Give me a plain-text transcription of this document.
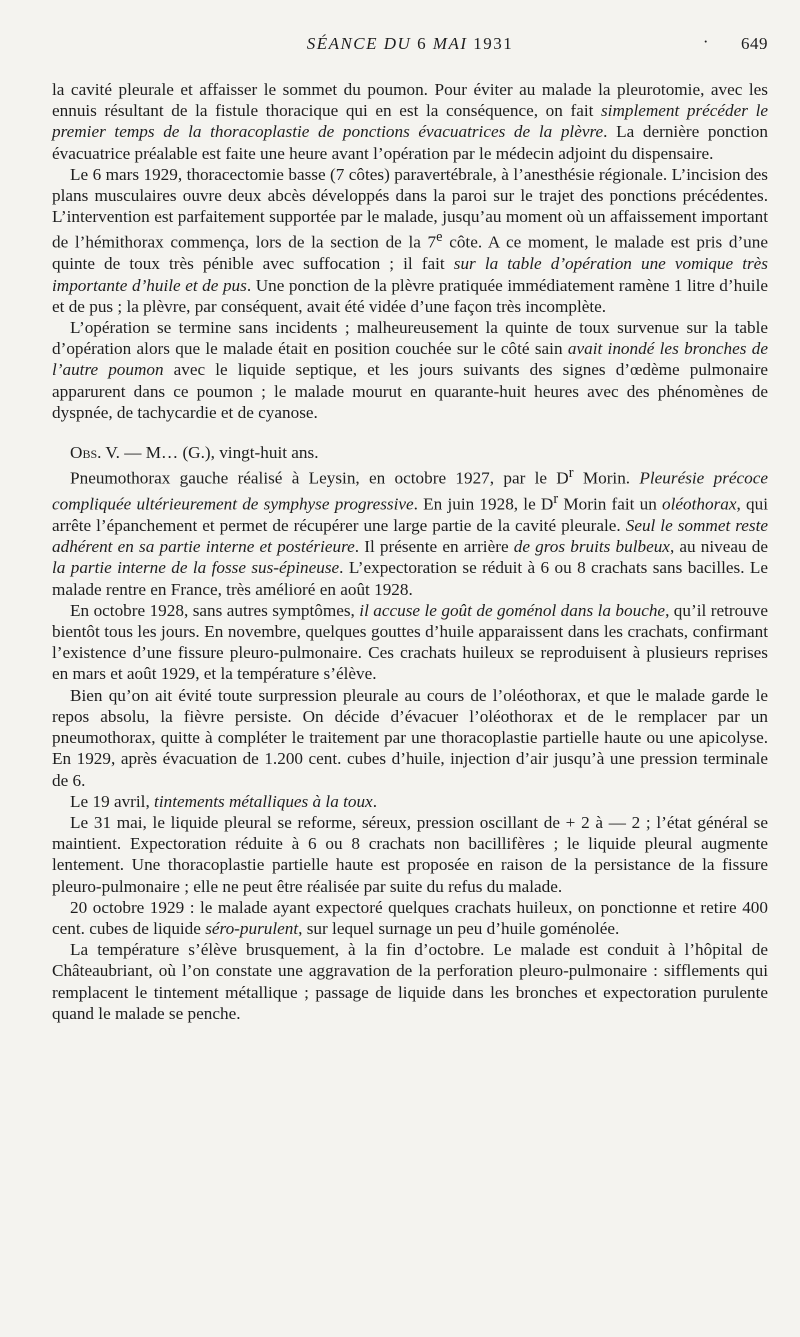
SÉANCE DU 6 MAI 1931	· 649

la cavité pleurale et affaisser le sommet du poumon. Pour éviter au malade la pleurotomie, avec les ennuis résultant de la fistule thoracique qui en est la conséquence, on fait simplement précéder le premier temps de la thoracoplastie de ponctions évacuatrices de la plèvre. La dernière ponction évacuatrice préalable est faite une heure avant l’opération par le médecin adjoint du dispensaire.

Le 6 mars 1929, thoracectomie basse (7 côtes) paravertébrale, à l’anesthésie régionale. L’incision des plans musculaires ouvre deux abcès développés dans la paroi sur le trajet des ponctions précédentes. L’intervention est parfaitement supportée par le malade, jusqu’au moment où un affaissement important de l’hémithorax commença, lors de la section de la 7e côte. A ce moment, le malade est pris d’une quinte de toux très pénible avec suffocation ; il fait sur la table d’opération une vomique très importante d’huile et de pus. Une ponction de la plèvre pratiquée immédiatement ramène 1 litre d’huile et de pus ; la plèvre, par conséquent, avait été vidée d’une façon très incomplète.

L’opération se termine sans incidents ; malheureusement la quinte de toux survenue sur la table d’opération alors que le malade était en position couchée sur le côté sain avait inondé les bronches de l’autre poumon avec le liquide septique, et les jours suivants des signes d’œdème pulmonaire apparurent dans ce poumon ; le malade mourut en quarante-huit heures avec des phénomènes de dyspnée, de tachycardie et de cyanose.

Obs. V. — M… (G.), vingt-huit ans.

Pneumothorax gauche réalisé à Leysin, en octobre 1927, par le $D^r$ Morin. Pleurésie précoce compliquée ultérieurement de symphyse progressive. En juin 1928, le $D^r$ Morin fait un oléothorax, qui arrête l’épanchement et permet de récupérer une large partie de la cavité pleurale. Seul le sommet reste adhérent en sa partie interne et postérieure. Il présente en arrière de gros bruits bulbeux, au niveau de la partie interne de la fosse sus-épineuse. L’expectoration se réduit à 6 ou 8 crachats sans bacilles. Le malade rentre en France, très amélioré en août 1928.

En octobre 1928, sans autres symptômes, il accuse le goût de goménol dans la bouche, qu’il retrouve bientôt tous les jours. En novembre, quelques gouttes d’huile apparaissent dans les crachats, confirmant l’existence d’une fissure pleuro-pulmonaire. Ces crachats huileux se reproduisent à plusieurs reprises en mars et août 1929, et la température s’élève.

Bien qu’on ait évité toute surpression pleurale au cours de l’oléothorax, et que le malade garde le repos absolu, la fièvre persiste. On décide d’évacuer l’oléothorax et de le remplacer par un pneumothorax, quitte à compléter le traitement par une thoracoplastie partielle haute ou une apicolyse. En 1929, après évacuation de 1.200 cent. cubes d’huile, injection d’air jusqu’à une pression terminale de 6.

Le 19 avril, tintements métalliques à la toux.

Le 31 mai, le liquide pleural se reforme, séreux, pression oscillant de + 2 à — 2 ; l’état général se maintient. Expectoration réduite à 6 ou 8 crachats non bacillifères ; le liquide pleural augmente lentement. Une thoracoplastie partielle haute est proposée en raison de la persistance de la fissure pleuro-pulmonaire ; elle ne peut être réalisée par suite du refus du malade.

20 octobre 1929 : le malade ayant expectoré quelques crachats huileux, on ponctionne et retire 400 cent. cubes de liquide séro-purulent, sur lequel surnage un peu d’huile goménolée.

La température s’élève brusquement, à la fin d’octobre. Le malade est conduit à l’hôpital de Châteaubriant, où l’on constate une aggravation de la perforation pleuro-pulmonaire : sifflements qui remplacent le tintement métallique ; passage de liquide dans les bronches et expectoration purulente quand le malade se penche.
